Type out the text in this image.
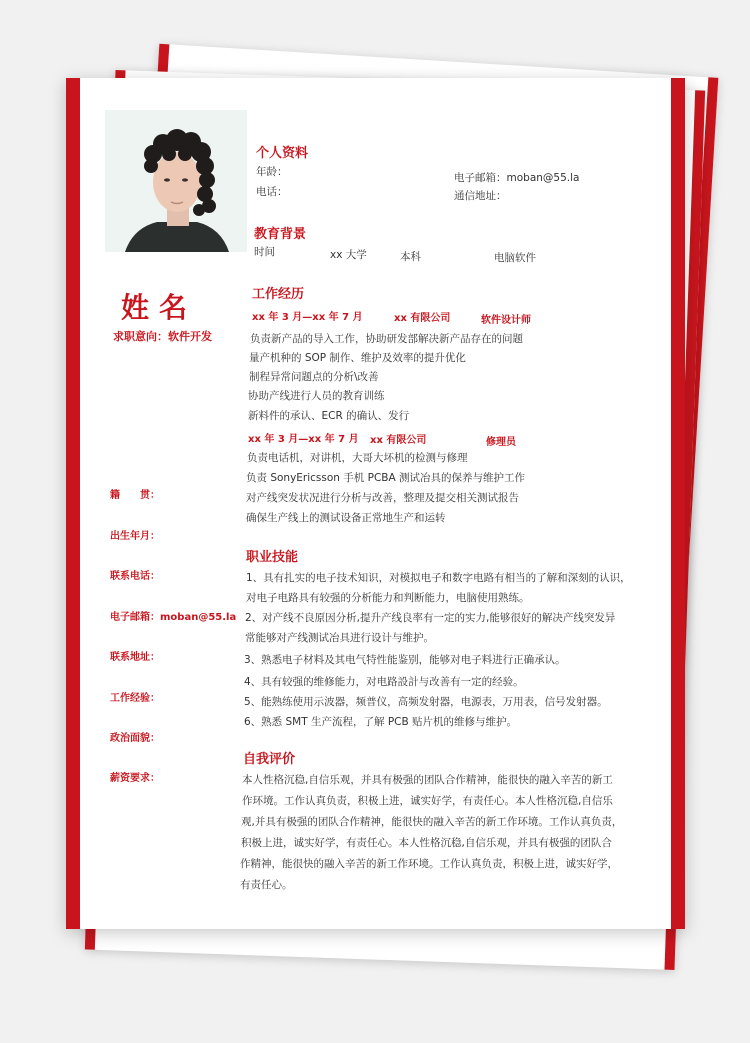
姓名
求职意向：软件开发
籍　　贯：
出生年月：
联系电话：
电子邮箱：moban@55.la
联系地址：
工作经验：
政治面貌：
薪资要求：
个人资料
年龄：
电话：
电子邮箱：moban@55.la
通信地址：
教育背景
时间	xx 大学	本科	电脑软件
工作经历
xx 年 3 月—xx 年 7 月	xx 有限公司	软件设计师
负责新产品的导入工作，协助研发部解决新产品存在的问题
量产机种的 SOP 制作、维护及效率的提升优化
制程异常问题点的分析\改善
协助产线进行人员的教育训练
新料件的承认、ECR 的确认、发行
xx 年 3 月—xx 年 7 月 xx 有限公司	修理员
负责电话机，对讲机，大哥大坏机的检测与修理
负责 SonyEricsson 手机 PCBA 测试冶具的保养与维护工作
对产线突发状况进行分析与改善，整理及提交相关测试报告
确保生产线上的测试设备正常地生产和运转
职业技能
1、具有扎实的电子技术知识，对模拟电子和数字电路有相当的了解和深刻的认识，
对电子电路具有较强的分析能力和判断能力，电脑使用熟练。
2、对产线不良原因分析,提升产线良率有一定的实力,能够很好的解决产线突发异
常能够对产线测试冶具进行设计与维护。
3、熟悉电子材料及其电气特性能鉴别，能够对电子料进行正确承认。
4、具有较强的维修能力，对电路設計与改善有一定的经验。
5、能熟练使用示波器，频普仪，高频发射器，电源表，万用表，信号发射器。
6、熟悉 SMT 生产流程，了解 PCB 贴片机的维修与维护。
自我评价
本人性格沉稳,自信乐观，并具有极强的团队合作精神，能很快的融入辛苦的新工
作环境。工作认真负责，积极上进，诚实好学，有责任心。本人性格沉稳,自信乐
观,并具有极强的团队合作精神，能很快的融入辛苦的新工作环境。工作认真负责，
积极上进，诚实好学，有责任心。本人性格沉稳,自信乐观，并具有极强的团队合
作精神，能很快的融入辛苦的新工作环境。工作认真负责，积极上进，诚实好学，
有责任心。
